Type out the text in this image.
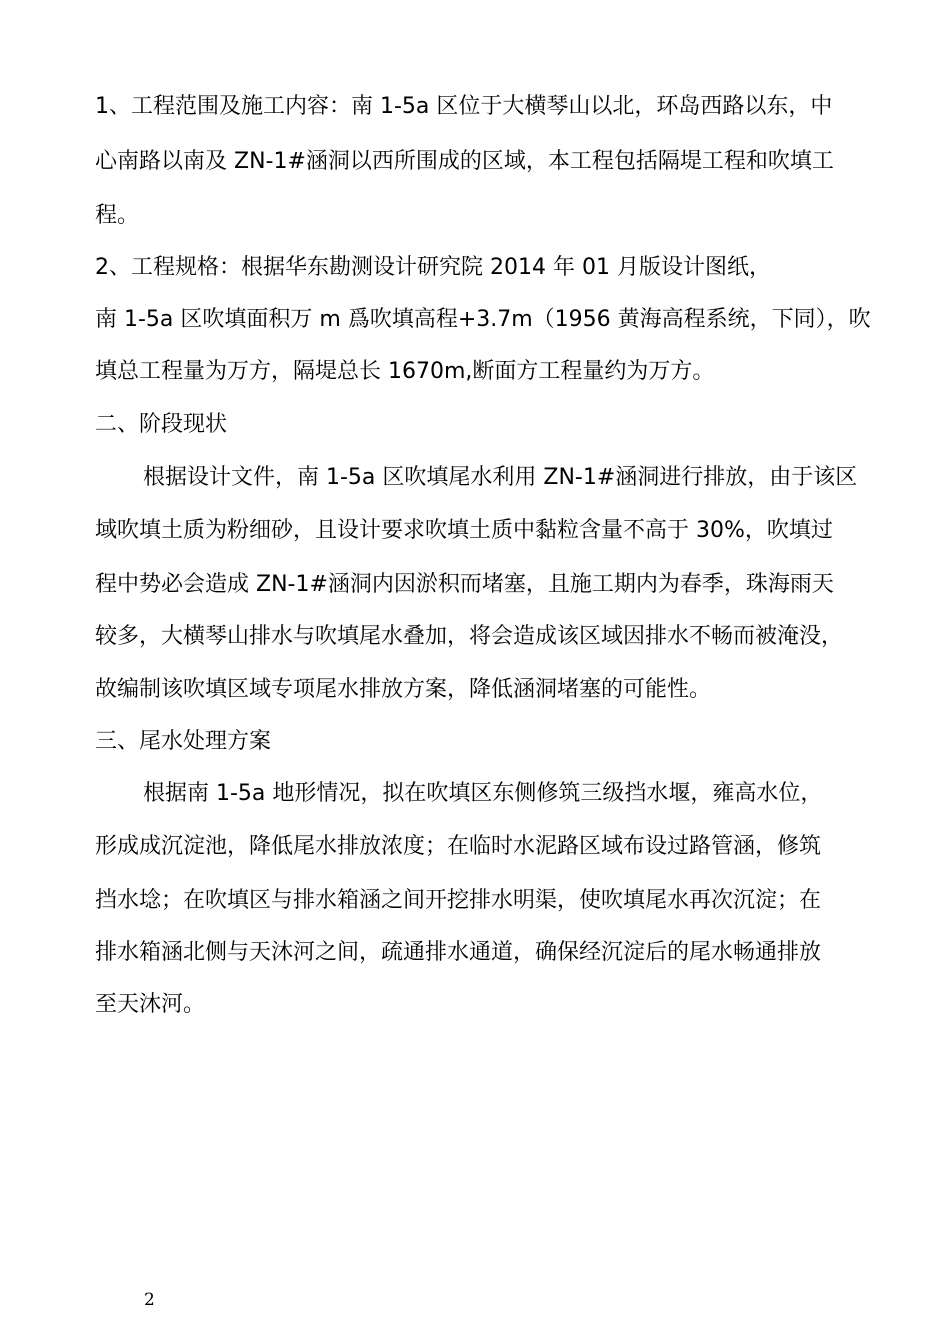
1、工程范围及施工内容：南 1-5a 区位于大横琴山以北，环岛西路以东，中
心南路以南及 ZN-1#涵洞以西所围成的区域，本工程包括隔堤工程和吹填工
程。
2、工程规格：根据华东勘测设计研究院 2014 年 01 月版设计图纸，
南 1-5a 区吹填面积万 m 爲吹填高程+3.7m（1956 黄海高程系统，下同），吹
填总工程量为万方，隔堤总长 1670m,断面方工程量约为万方。
二、阶段现状
根据设计文件，南 1-5a 区吹填尾水利用 ZN-1#涵洞进行排放，由于该区
域吹填土质为粉细砂，且设计要求吹填土质中黏粒含量不高于 30%，吹填过
程中势必会造成 ZN-1#涵洞内因淤积而堵塞，且施工期内为春季，珠海雨天
较多，大横琴山排水与吹填尾水叠加，将会造成该区域因排水不畅而被淹没，
故编制该吹填区域专项尾水排放方案，降低涵洞堵塞的可能性。
三、尾水处理方案
根据南 1-5a 地形情况，拟在吹填区东侧修筑三级挡水堰，雍高水位，
形成成沉淀池，降低尾水排放浓度；在临时水泥路区域布设过路管涵，修筑
挡水埝；在吹填区与排水箱涵之间开挖排水明渠，使吹填尾水再次沉淀；在
排水箱涵北侧与天沐河之间，疏通排水通道，确保经沉淀后的尾水畅通排放
至天沐河。
2
